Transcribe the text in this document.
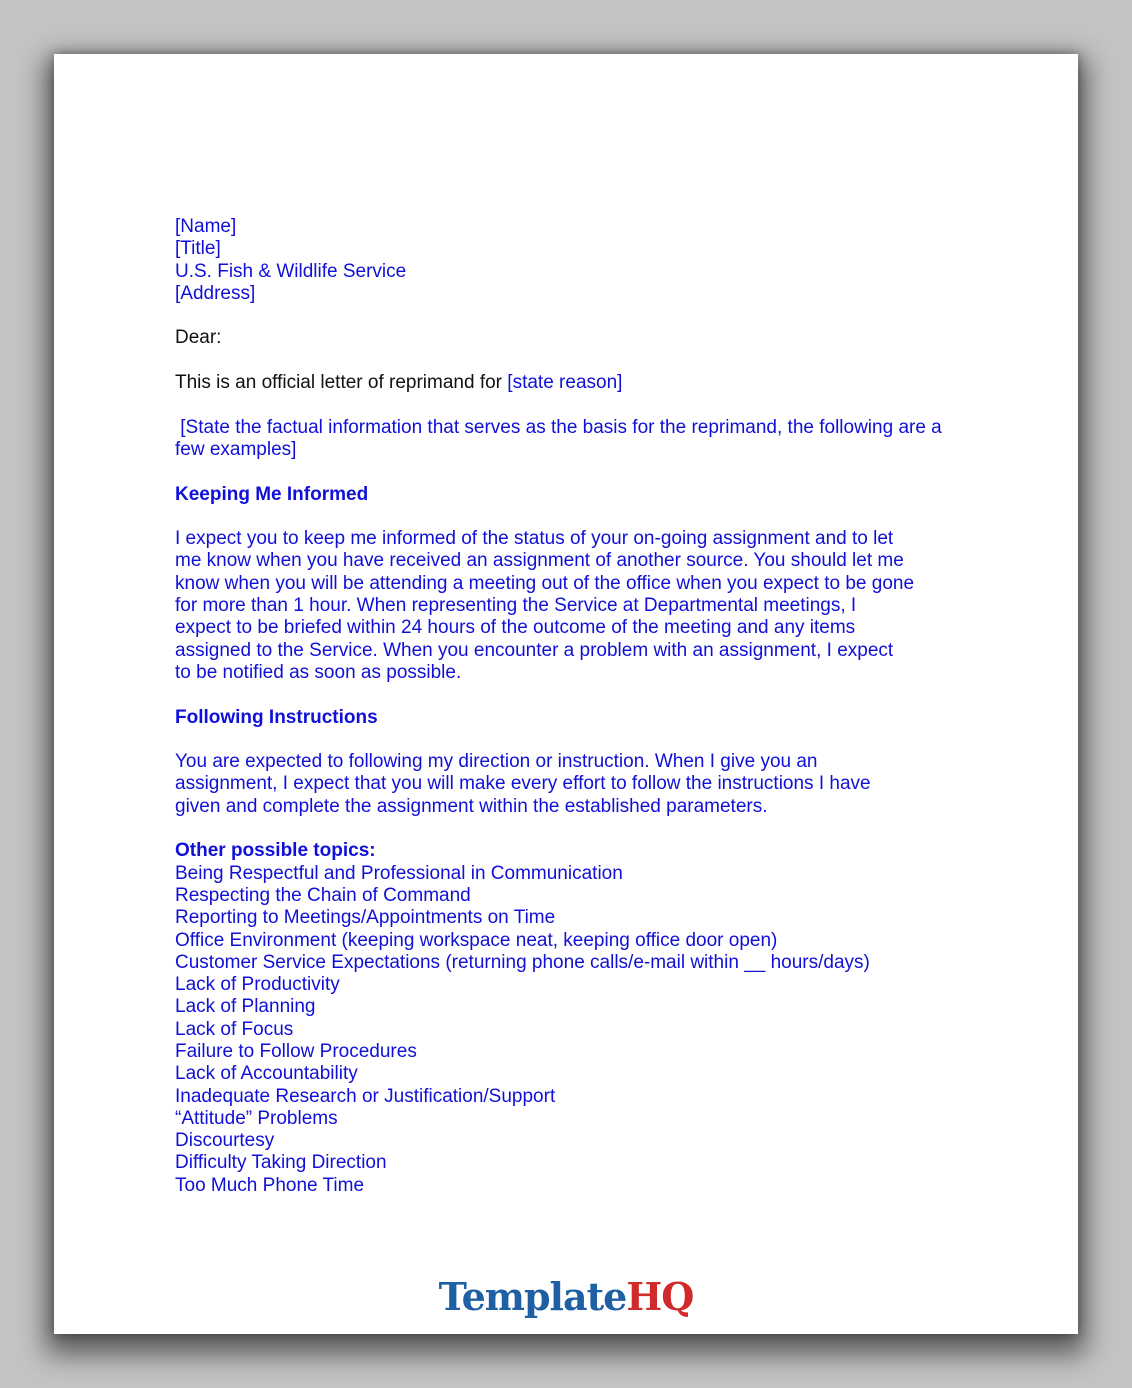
[Name]
[Title]
U.S. Fish & Wildlife Service
[Address]
Dear:
This is an official letter of reprimand for [state reason]
[State the factual information that serves as the basis for the reprimand, the following are a few examples]
Keeping Me Informed
I expect you to keep me informed of the status of your on-going assignment and to let
me know when you have received an assignment of another source. You should let me
know when you will be attending a meeting out of the office when you expect to be gone
for more than 1 hour. When representing the Service at Departmental meetings, I
expect to be briefed within 24 hours of the outcome of the meeting and any items
assigned to the Service. When you encounter a problem with an assignment, I expect
to be notified as soon as possible.
Following Instructions
You are expected to following my direction or instruction. When I give you an
assignment, I expect that you will make every effort to follow the instructions I have
given and complete the assignment within the established parameters.
Other possible topics:
Being Respectful and Professional in Communication
Respecting the Chain of Command
Reporting to Meetings/Appointments on Time
Office Environment (keeping workspace neat, keeping office door open)
Customer Service Expectations (returning phone calls/e-mail within __ hours/days)
Lack of Productivity
Lack of Planning
Lack of Focus
Failure to Follow Procedures
Lack of Accountability
Inadequate Research or Justification/Support
“Attitude” Problems
Discourtesy
Difficulty Taking Direction
Too Much Phone Time
TemplateHQ
